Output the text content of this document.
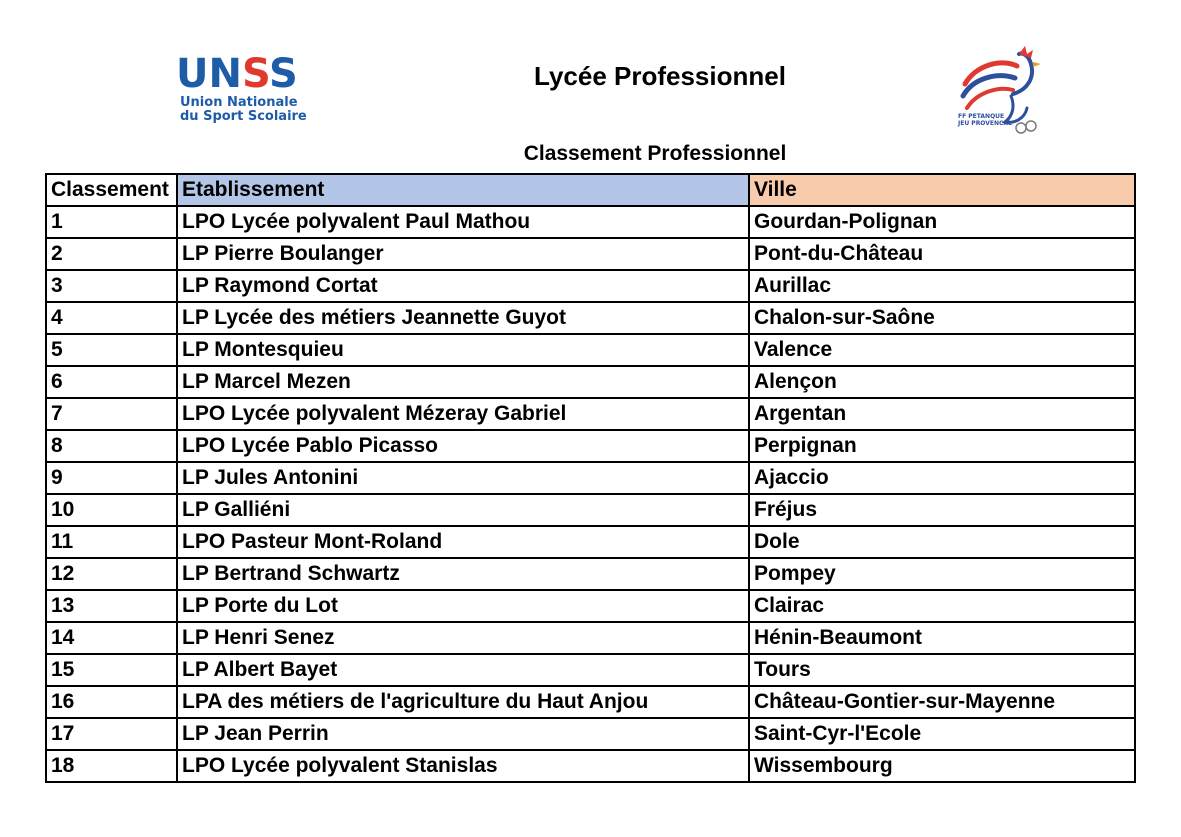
UNSS
Union Nationale
du Sport Scolaire
Lycée Professionnel
FF PETANQUE
JEU PROVENCAL
Classement Professionnel
Classement	Etablissement	Ville
1	LPO Lycée polyvalent Paul Mathou	Gourdan-Polignan
2	LP Pierre Boulanger	Pont-du-Château
3	LP Raymond Cortat	Aurillac
4	LP Lycée des métiers Jeannette Guyot	Chalon-sur-Saône
5	LP Montesquieu	Valence
6	LP Marcel Mezen	Alençon
7	LPO Lycée polyvalent Mézeray Gabriel	Argentan
8	LPO Lycée Pablo Picasso	Perpignan
9	LP Jules Antonini	Ajaccio
10	LP Galliéni	Fréjus
11	LPO Pasteur Mont-Roland	Dole
12	LP Bertrand Schwartz	Pompey
13	LP Porte du Lot	Clairac
14	LP Henri Senez	Hénin-Beaumont
15	LP Albert Bayet	Tours
16	LPA des métiers de l'agriculture du Haut Anjou	Château-Gontier-sur-Mayenne
17	LP Jean Perrin	Saint-Cyr-l'Ecole
18	LPO Lycée polyvalent Stanislas	Wissembourg
